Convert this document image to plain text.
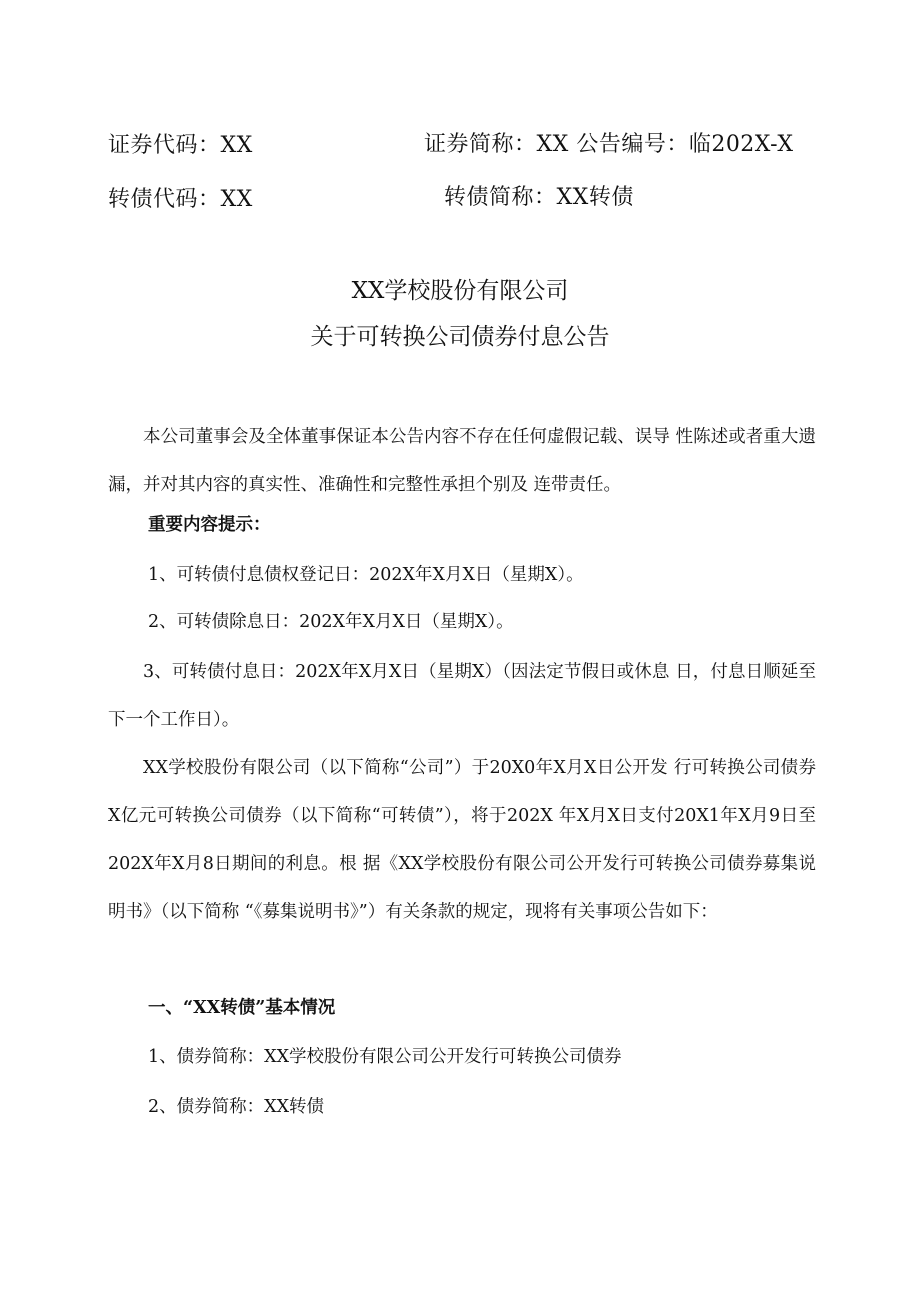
证券代码：XX	证券简称：XX 公告编号：临202X-X
转债代码：XX	转债简称：XX转债
XX学校股份有限公司
关于可转换公司债券付息公告

本公司董事会及全体董事保证本公告内容不存在任何虚假记载、误导 性陈述或者重大遗漏，并对其内容的真实性、准确性和完整性承担个别及 连带责任。

重要内容提示：
1、可转债付息债权登记日：202X年X月X日（星期X）。
2、可转债除息日：202X年X月X日（星期X）。

3、可转债付息日：202X年X月X日（星期X）（因法定节假日或休息 日，付息日顺延至下一个工作日）。

XX学校股份有限公司（以下简称“公司”）于20X0年X月X日公开发 行可转换公司债券X亿元可转换公司债券（以下简称“可转债”），将于202X 年X月X日支付20X1年X月9日至202X年X月8日期间的利息。根 据《XX学校股份有限公司公开发行可转换公司债券募集说明书》（以下简称 “《募集说明书》”）有关条款的规定，现将有关事项公告如下：

一、“XX转债”基本情况
1、债券简称：XX学校股份有限公司公开发行可转换公司债券
2、债券简称：XX转债
